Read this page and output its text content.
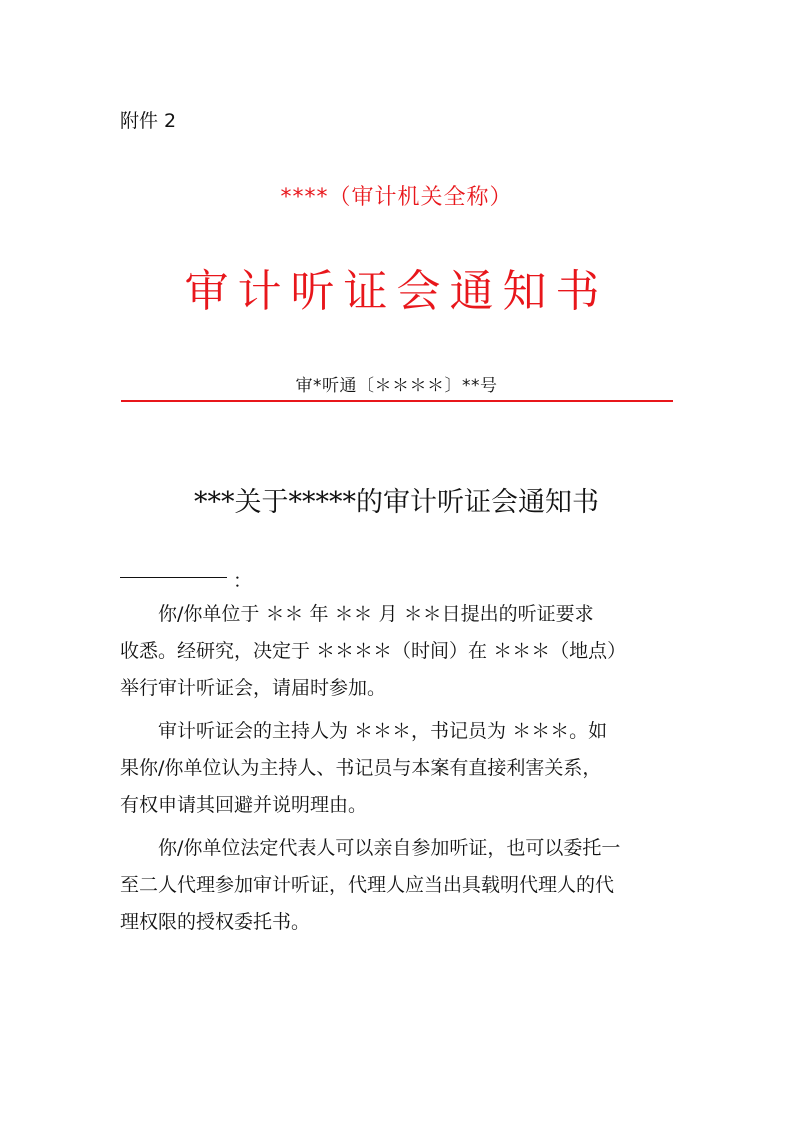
附件 2
****（审计机关全称）
审计听证会通知书
审*听通〔＊＊＊＊〕**号
***关于*****的审计听证会通知书
：
你/你单位于 ＊＊ 年 ＊＊ 月 ＊＊日提出的听证要求
收悉。经研究，决定于 ＊＊＊＊（时间）在 ＊＊＊（地点）
举行审计听证会，请届时参加。
审计听证会的主持人为 ＊＊＊，书记员为 ＊＊＊。如
果你/你单位认为主持人、书记员与本案有直接利害关系，
有权申请其回避并说明理由。
你/你单位法定代表人可以亲自参加听证，也可以委托一
至二人代理参加审计听证，代理人应当出具载明代理人的代
理权限的授权委托书。
